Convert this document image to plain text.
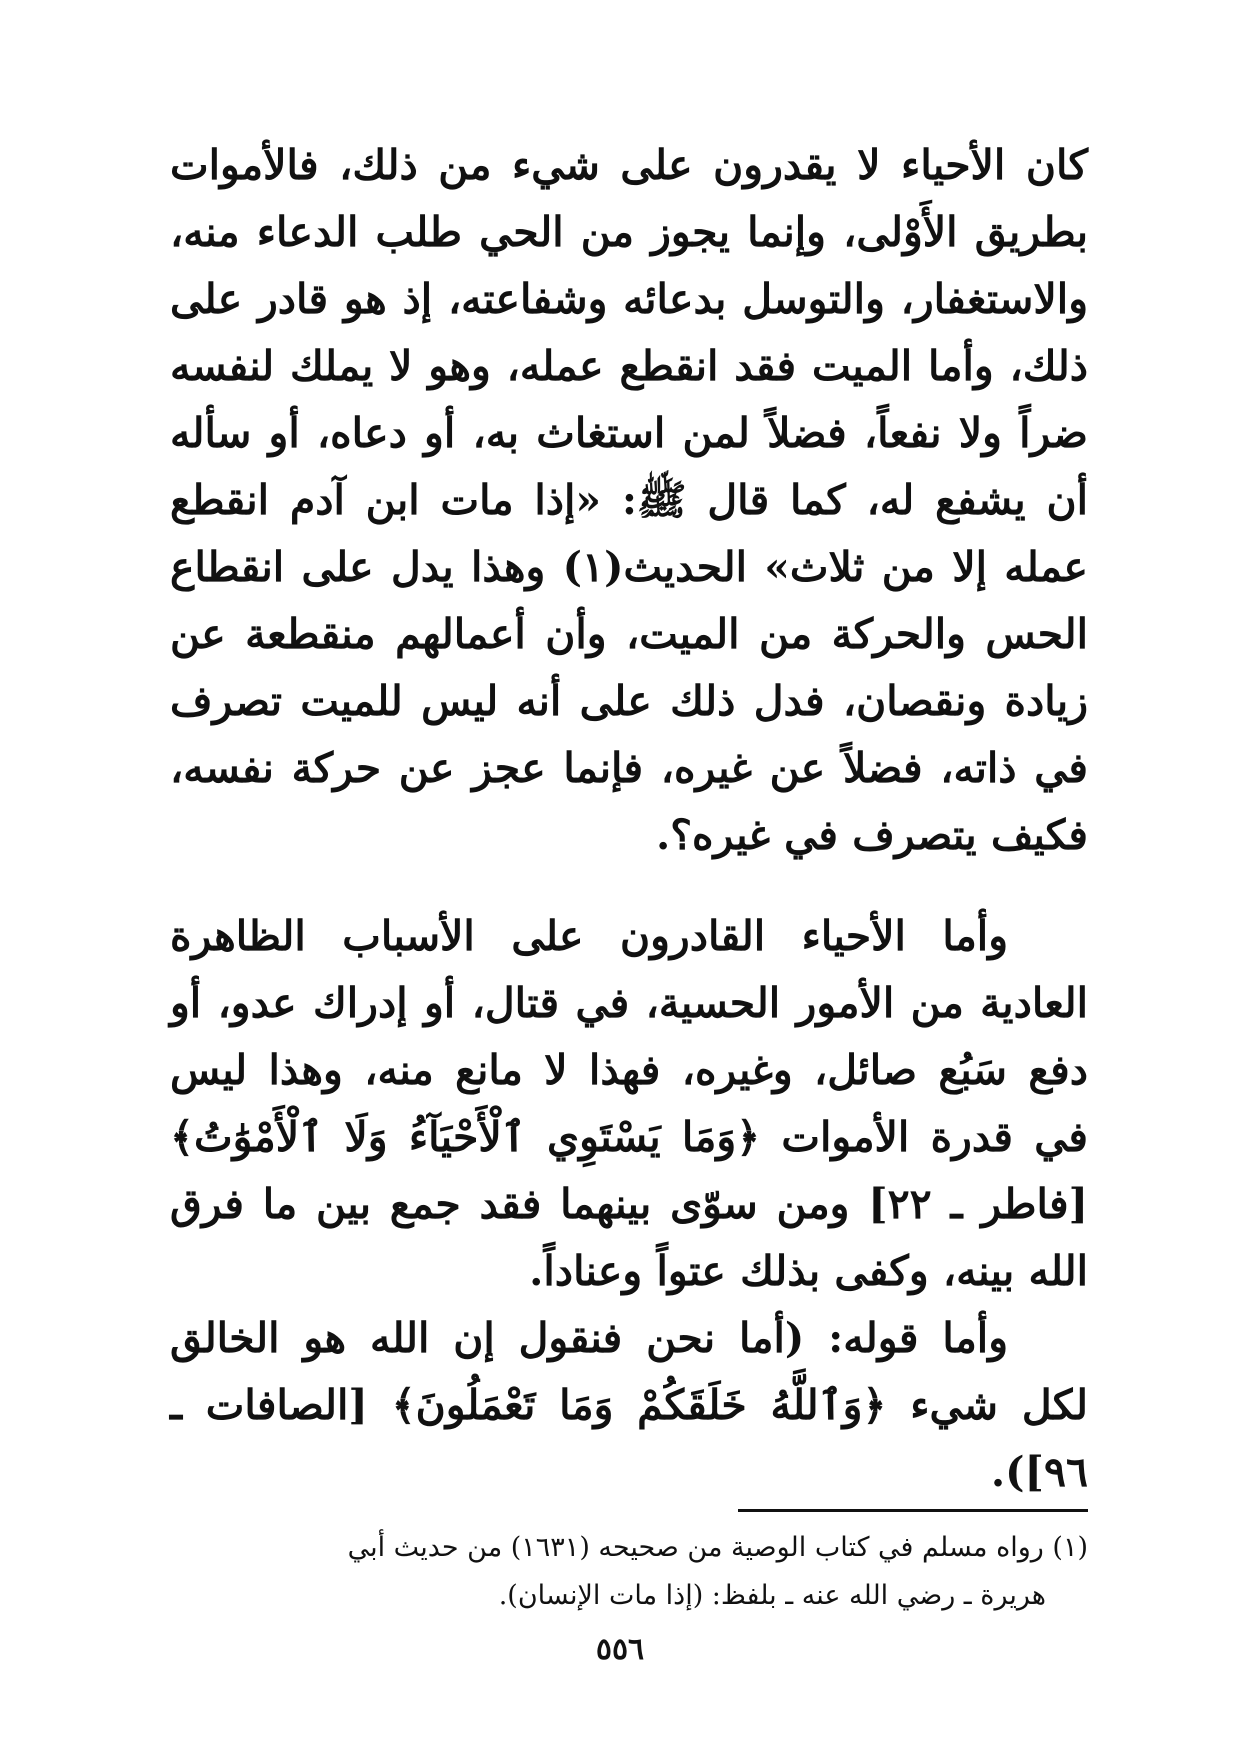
كان الأحياء لا يقدرون على شيء من ذلك، فالأموات بطريق الأَوْلى، وإنما يجوز من الحي طلب الدعاء منه، والاستغفار، والتوسل بدعائه وشفاعته، إذ هو قادر على ذلك، وأما الميت فقد انقطع عمله، وهو لا يملك لنفسه ضراً ولا نفعاً، فضلاً لمن استغاث به، أو دعاه، أو سأله أن يشفع له، كما قال ﷺ: «إذا مات ابن آدم انقطع عمله إلا من ثلاث» الحديث(١) وهذا يدل على انقطاع الحس والحركة من الميت، وأن أعمالهم منقطعة عن زيادة ونقصان، فدل ذلك على أنه ليس للميت تصرف في ذاته، فضلاً عن غيره، فإنما عجز عن حركة نفسه، فكيف يتصرف في غيره؟.

وأما الأحياء القادرون على الأسباب الظاهرة العادية من الأمور الحسية، في قتال، أو إدراك عدو، أو دفع سَبُع صائل، وغيره، فهذا لا مانع منه، وهذا ليس في قدرة الأموات ﴿وَمَا يَسْتَوِي ٱلْأَحْيَآءُ وَلَا ٱلْأَمْوَٰتُ﴾ [فاطر ـ ٢٢] ومن سوّى بينهما فقد جمع بين ما فرق الله بينه، وكفى بذلك عتواً وعناداً.

وأما قوله: (أما نحن فنقول إن الله هو الخالق لكل شيء ﴿وَٱللَّهُ خَلَقَكُمْ وَمَا تَعْمَلُونَ﴾ [الصافات ـ ٩٦]).

(١) رواه مسلم في كتاب الوصية من صحيحه (١٦٣١) من حديث أبي
هريرة ـ رضي الله عنه ـ بلفظ: (إذا مات الإنسان).

٥٥٦
